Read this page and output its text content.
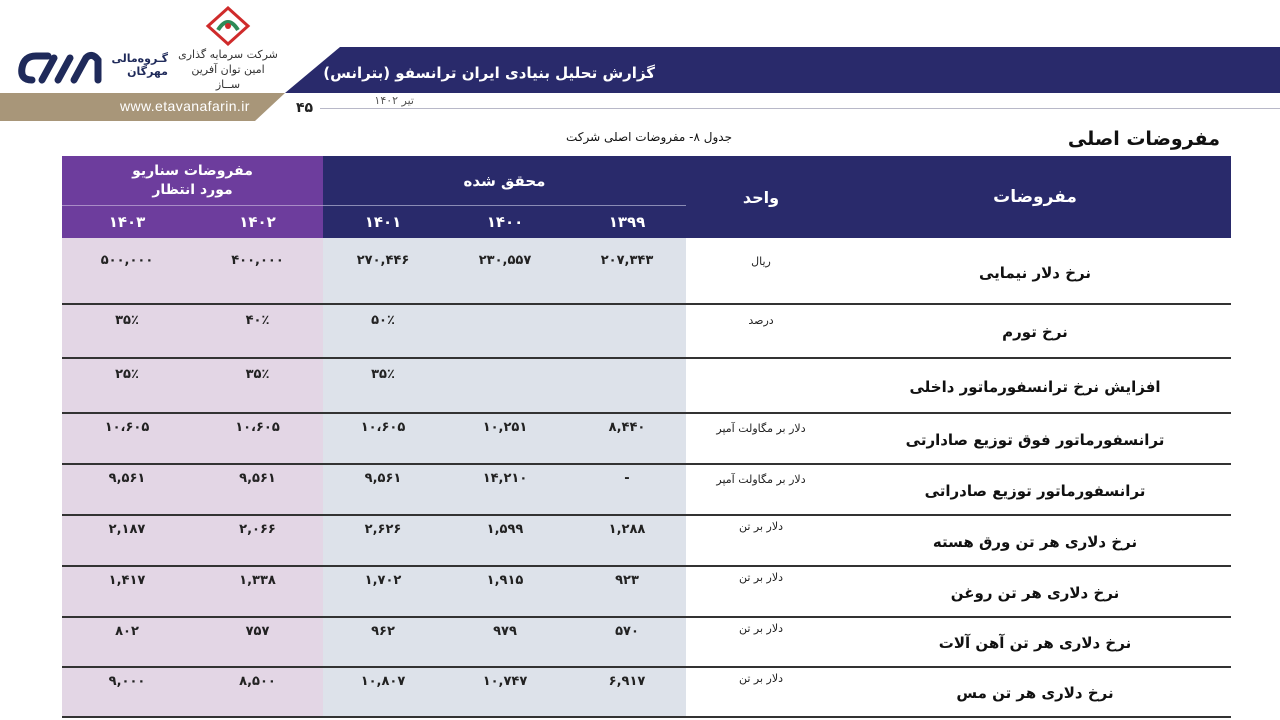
گزارش تحلیل بنیادی ایران ترانسفو (بترانس)
تیر ۱۴۰۲
۴۵
www.etavanafarin.ir
گـروه‌مالی مهرگان
شرکت سرمایه گذاری
امین توان آفرین ســاز
مفروضات اصلی
جدول ۸- مفروضات اصلی شرکت
مفروضات
واحد
محقق شده
مفروضات سناریو
مورد انتظار
۱۳۹۹
۱۴۰۰
۱۴۰۱
۱۴۰۲
۱۴۰۳
نرخ دلار نیمایی
ریال
۲۰۷,۳۴۳
۲۳۰,۵۵۷
۲۷۰,۴۴۶
۴۰۰,۰۰۰
۵۰۰,۰۰۰
نرخ تورم
درصد
۵۰٪
۴۰٪
۳۵٪
افزایش نرخ ترانسفورماتور داخلی
۳۵٪
۳۵٪
۲۵٪
ترانسفورماتور فوق توزیع صادارتی
دلار بر مگاولت آمپر
۸,۴۴۰
۱۰,۲۵۱
۱۰،۶۰۵
۱۰،۶۰۵
۱۰،۶۰۵
ترانسفورماتور توزیع صادراتی
دلار بر مگاولت آمپر
-
۱۴,۲۱۰
۹,۵۶۱
۹,۵۶۱
۹,۵۶۱
نرخ دلاری هر تن ورق هسته
دلار بر تن
۱,۲۸۸
۱,۵۹۹
۲,۶۲۶
۲,۰۶۶
۲,۱۸۷
نرخ دلاری هر تن روغن
دلار بر تن
۹۲۳
۱,۹۱۵
۱,۷۰۲
۱,۳۳۸
۱,۴۱۷
نرخ دلاری هر تن آهن آلات
دلار بر تن
۵۷۰
۹۷۹
۹۶۲
۷۵۷
۸۰۲
نرخ دلاری هر تن مس
دلار بر تن
۶,۹۱۷
۱۰,۷۴۷
۱۰,۸۰۷
۸,۵۰۰
۹,۰۰۰
